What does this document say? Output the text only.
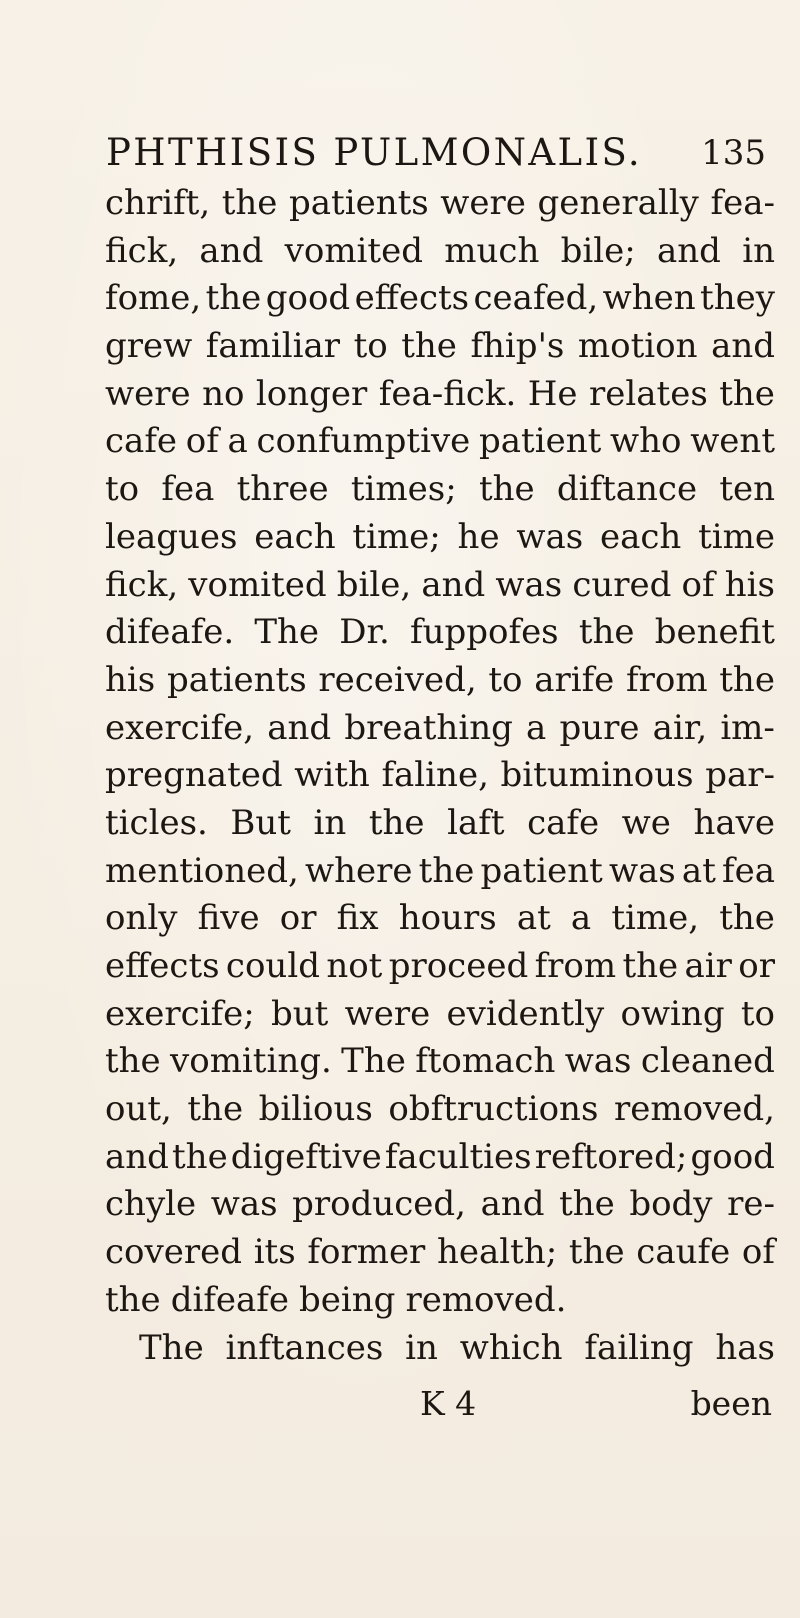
PHTHISIS PULMONALIS. 135
chrift, the patients were generally fea-
fick, and vomited much bile; and in
fome, the good effects ceafed, when they
grew familiar to the fhip's motion and
were no longer fea-fick. He relates the
cafe of a confumptive patient who went
to fea three times; the diftance ten
leagues each time; he was each time
fick, vomited bile, and was cured of his
difeafe. The Dr. fuppofes the benefit
his patients received, to arife from the
exercife, and breathing a pure air, im-
pregnated with faline, bituminous par-
ticles. But in the laft cafe we have
mentioned, where the patient was at fea
only five or fix hours at a time, the
effects could not proceed from the air or
exercife; but were evidently owing to
the vomiting. The ftomach was cleaned
out, the bilious obftructions removed,
and the digeftive faculties reftored; good
chyle was produced, and the body re-
covered its former health; the caufe of
the difeafe being removed.
The inftances in which failing has
K 4	been
